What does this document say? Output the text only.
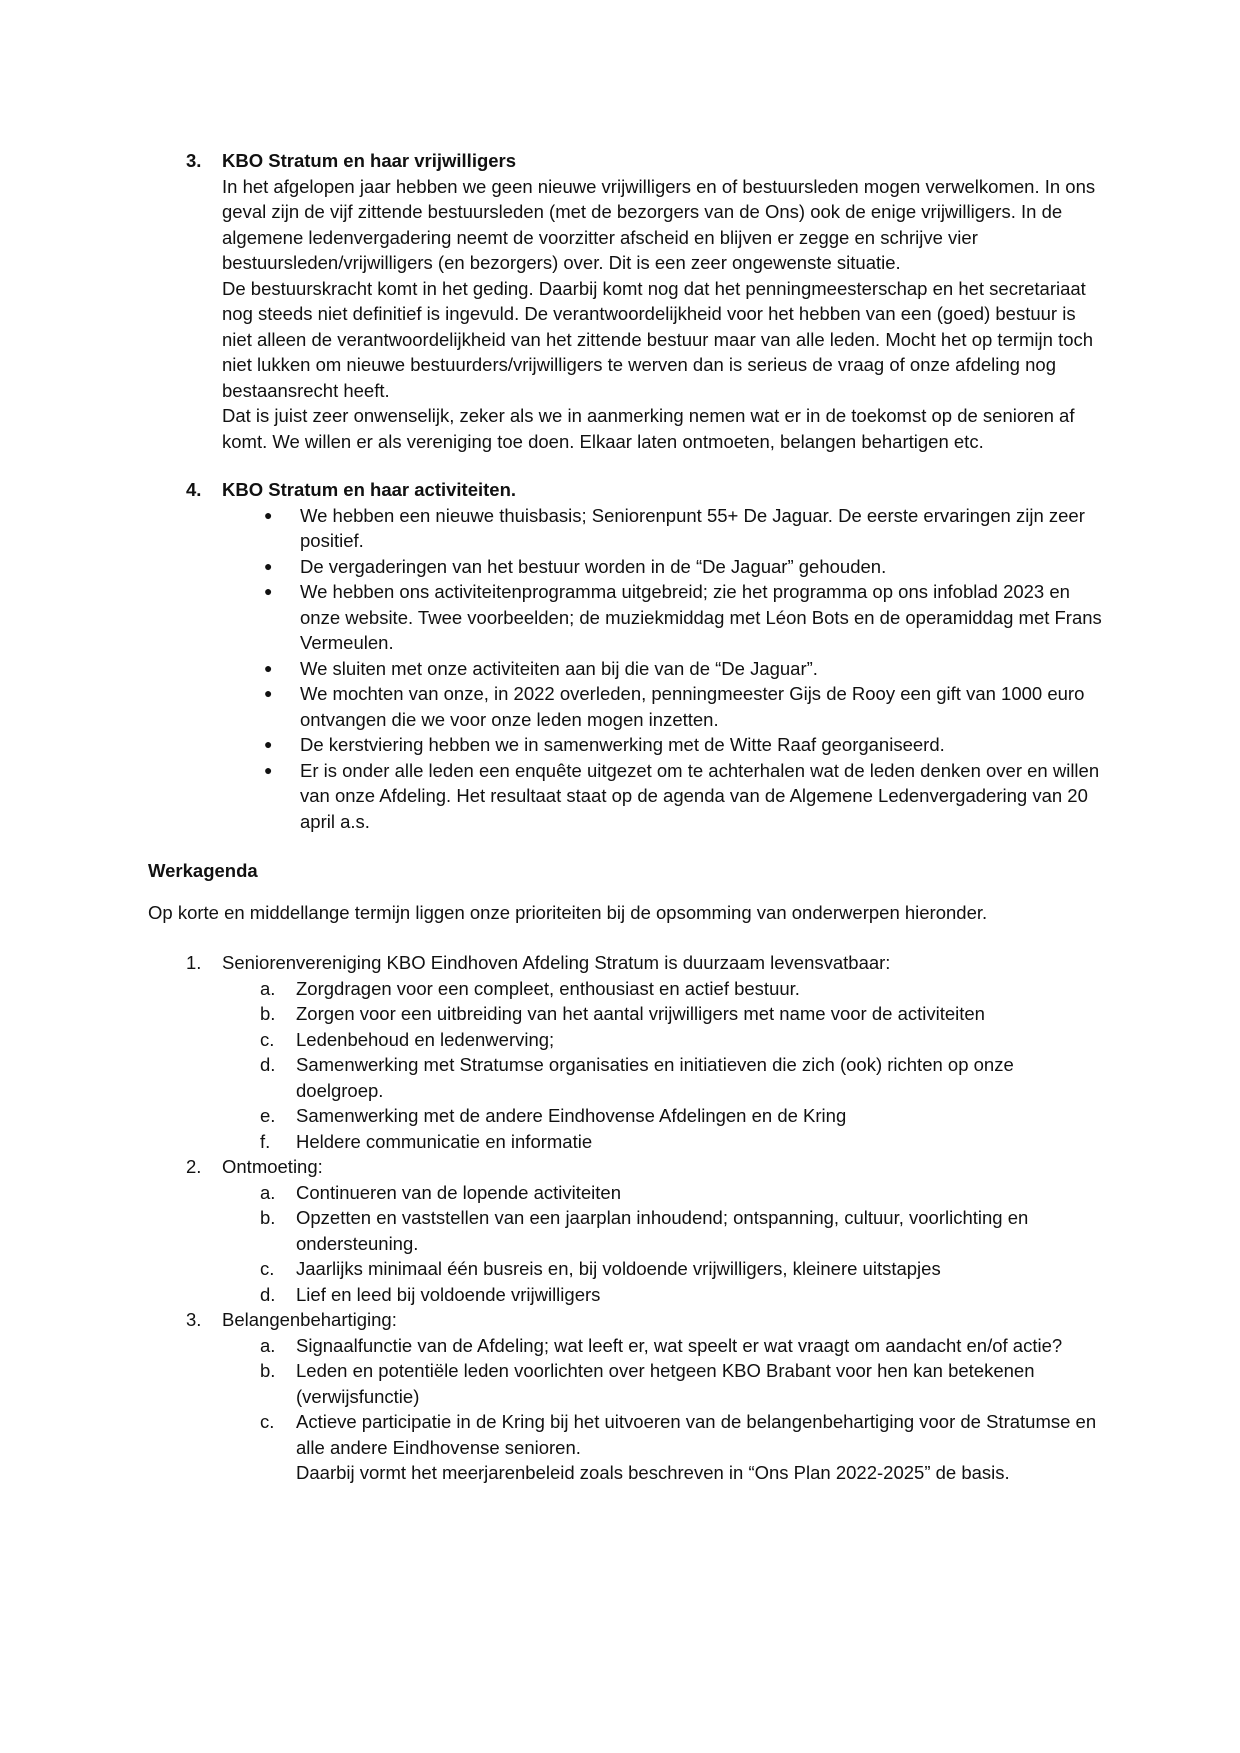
3.	KBO Stratum en haar vrijwilligers
In het afgelopen jaar hebben we geen nieuwe vrijwilligers en of bestuursleden mogen verwelkomen. In ons geval zijn de vijf zittende bestuursleden (met de bezorgers van de Ons) ook de enige vrijwilligers. In de algemene ledenvergadering neemt de voorzitter afscheid en blijven er zegge en schrijve vier bestuursleden/vrijwilligers (en bezorgers) over. Dit is een zeer ongewenste situatie.
De bestuurskracht komt in het geding. Daarbij komt nog dat het penningmeesterschap en het secretariaat nog steeds niet definitief is ingevuld. De verantwoordelijkheid voor het hebben van een (goed) bestuur is niet alleen de verantwoordelijkheid van het zittende bestuur maar van alle leden. Mocht het op termijn toch niet lukken om nieuwe bestuurders/vrijwilligers te werven dan is serieus de vraag of onze afdeling nog bestaansrecht heeft.
Dat is juist zeer onwenselijk, zeker als we in aanmerking nemen wat er in de toekomst op de senioren af komt. We willen er als vereniging toe doen. Elkaar laten ontmoeten, belangen behartigen etc.
4.	KBO Stratum en haar activiteiten.
●	We hebben een nieuwe thuisbasis; Seniorenpunt 55+ De Jaguar. De eerste ervaringen zijn zeer positief.
●	De vergaderingen van het bestuur worden in de “De Jaguar” gehouden.
●	We hebben ons activiteitenprogramma uitgebreid; zie het programma op ons infoblad 2023 en onze website. Twee voorbeelden; de muziekmiddag met Léon Bots en de operamiddag met Frans Vermeulen.
●	We sluiten met onze activiteiten aan bij die van de “De Jaguar”.
●	We mochten van onze, in 2022 overleden, penningmeester Gijs de Rooy een gift van 1000 euro ontvangen die we voor onze leden mogen inzetten.
●	De kerstviering hebben we in samenwerking met de Witte Raaf georganiseerd.
●	Er is onder alle leden een enquête uitgezet om te achterhalen wat de leden denken over en willen van onze Afdeling. Het resultaat staat op de agenda van de Algemene Ledenvergadering van 20 april a.s.
Werkagenda
Op korte en middellange termijn liggen onze prioriteiten bij de opsomming van onderwerpen hieronder.
1.	Seniorenvereniging KBO Eindhoven Afdeling Stratum is duurzaam levensvatbaar:
a.	Zorgdragen voor een compleet, enthousiast en actief bestuur.
b.	Zorgen voor een uitbreiding van het aantal vrijwilligers met name voor de activiteiten
c.	Ledenbehoud en ledenwerving;
d.	Samenwerking met Stratumse organisaties en initiatieven die zich (ook) richten op onze doelgroep.
e.	Samenwerking met de andere Eindhovense Afdelingen en de Kring
f.	Heldere communicatie en informatie
2.	Ontmoeting:
a.	Continueren van de lopende activiteiten
b.	Opzetten en vaststellen van een jaarplan inhoudend; ontspanning, cultuur, voorlichting en ondersteuning.
c.	Jaarlijks minimaal één busreis en, bij voldoende vrijwilligers, kleinere uitstapjes
d.	Lief en leed bij voldoende vrijwilligers
3.	Belangenbehartiging:
a.	Signaalfunctie van de Afdeling; wat leeft er, wat speelt er wat vraagt om aandacht en/of actie?
b.	Leden en potentiële leden voorlichten over hetgeen KBO Brabant voor hen kan betekenen (verwijsfunctie)
c.	Actieve participatie in de Kring bij het uitvoeren van de belangenbehartiging voor de Stratumse en alle andere Eindhovense senioren.
Daarbij vormt het meerjarenbeleid zoals beschreven in “Ons Plan 2022-2025” de basis.
